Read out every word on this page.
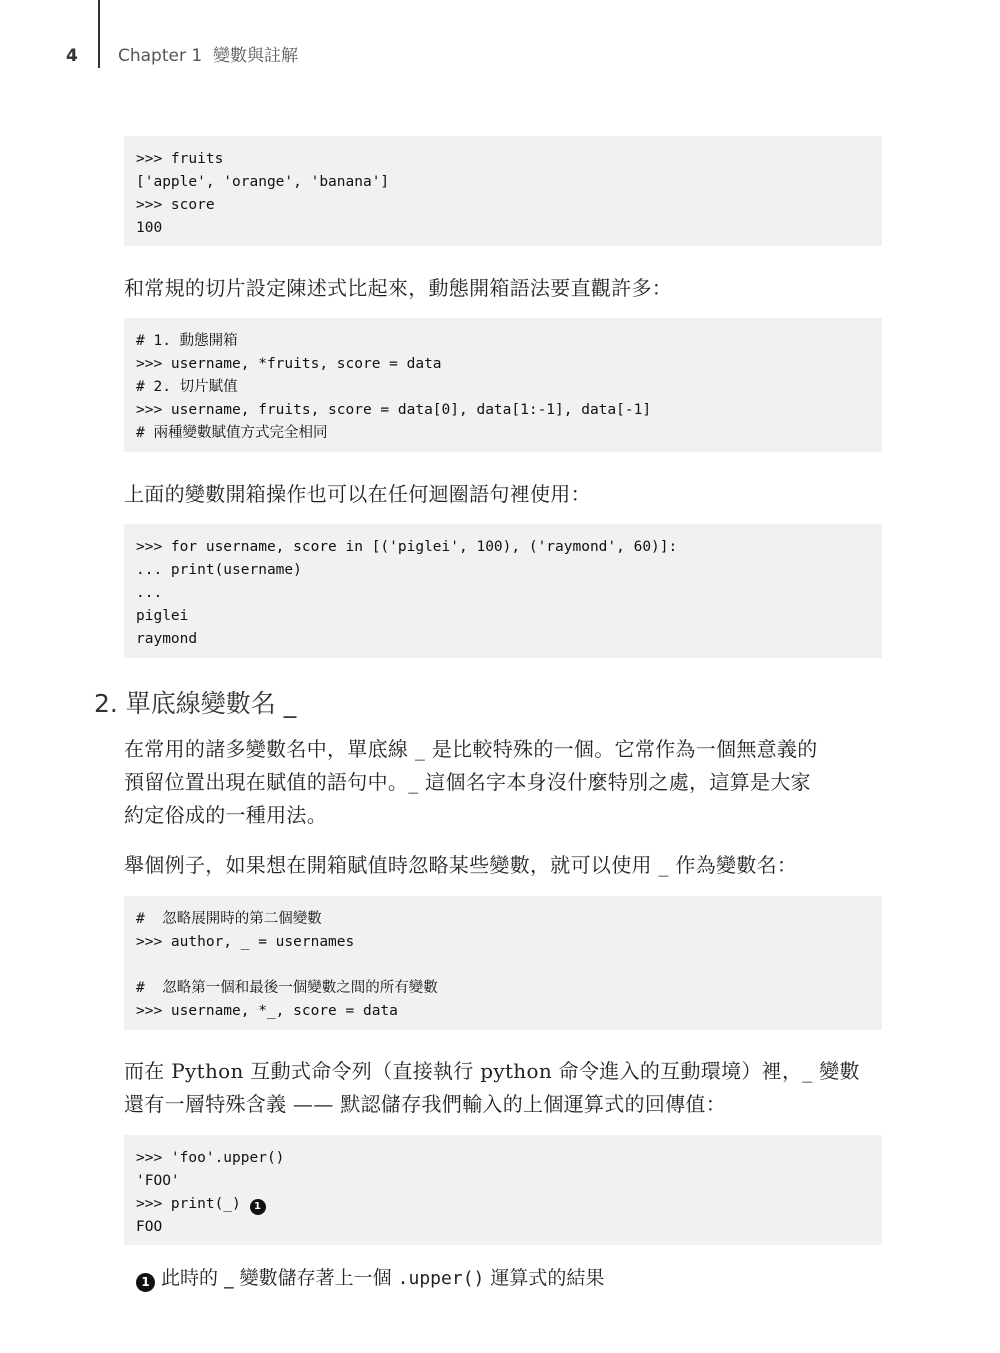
4 Chapter 1  變數與註解
>>> fruits
['apple', 'orange', 'banana']
>>> score
100

和常規的切片設定陳述式比起來，動態開箱語法要直觀許多：

# 1. 動態開箱
>>> username, *fruits, score = data
# 2. 切片賦值
>>> username, fruits, score = data[0], data[1:-1], data[-1]
# 兩種變數賦值方式完全相同

上面的變數開箱操作也可以在任何迴圈語句裡使用：

>>> for username, score in [('piglei', 100), ('raymond', 60)]:
... print(username)
...
piglei
raymond
2. 單底線變數名 _
在常用的諸多變數名中，單底線 _ 是比較特殊的一個。它常作為一個無意義的
預留位置出現在賦值的語句中。_ 這個名字本身沒什麼特別之處，這算是大家
約定俗成的一種用法。

舉個例子，如果想在開箱賦值時忽略某些變數，就可以使用 _ 作為變數名：

#  忽略展開時的第二個變數
>>> author, _ = usernames
#  忽略第一個和最後一個變數之間的所有變數
>>> username, *_, score = data
而在 Python 互動式命令列（直接執行 python 命令進入的互動環境）裡，_ 變數
還有一層特殊含義 —— 默認儲存我們輸入的上個運算式的回傳值：
>>> 'foo'.upper()
'FOO'
>>> print(_) 1
FOO
1 此時的 _ 變數儲存著上一個 .upper() 運算式的結果
